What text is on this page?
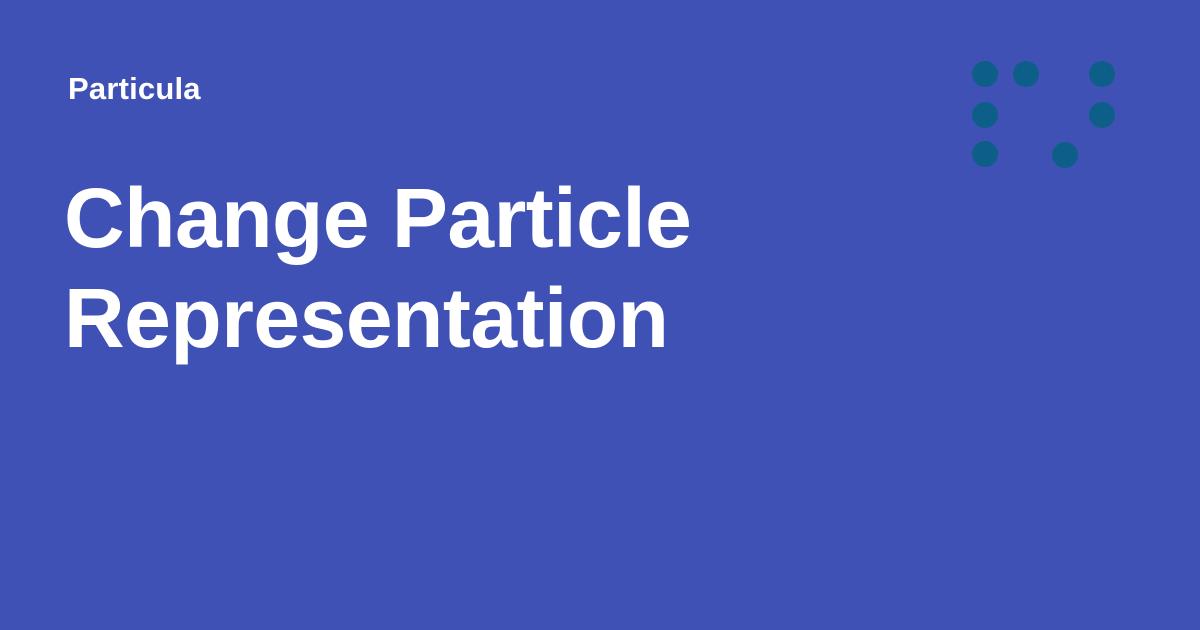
Particula
Change Particle
Representation
